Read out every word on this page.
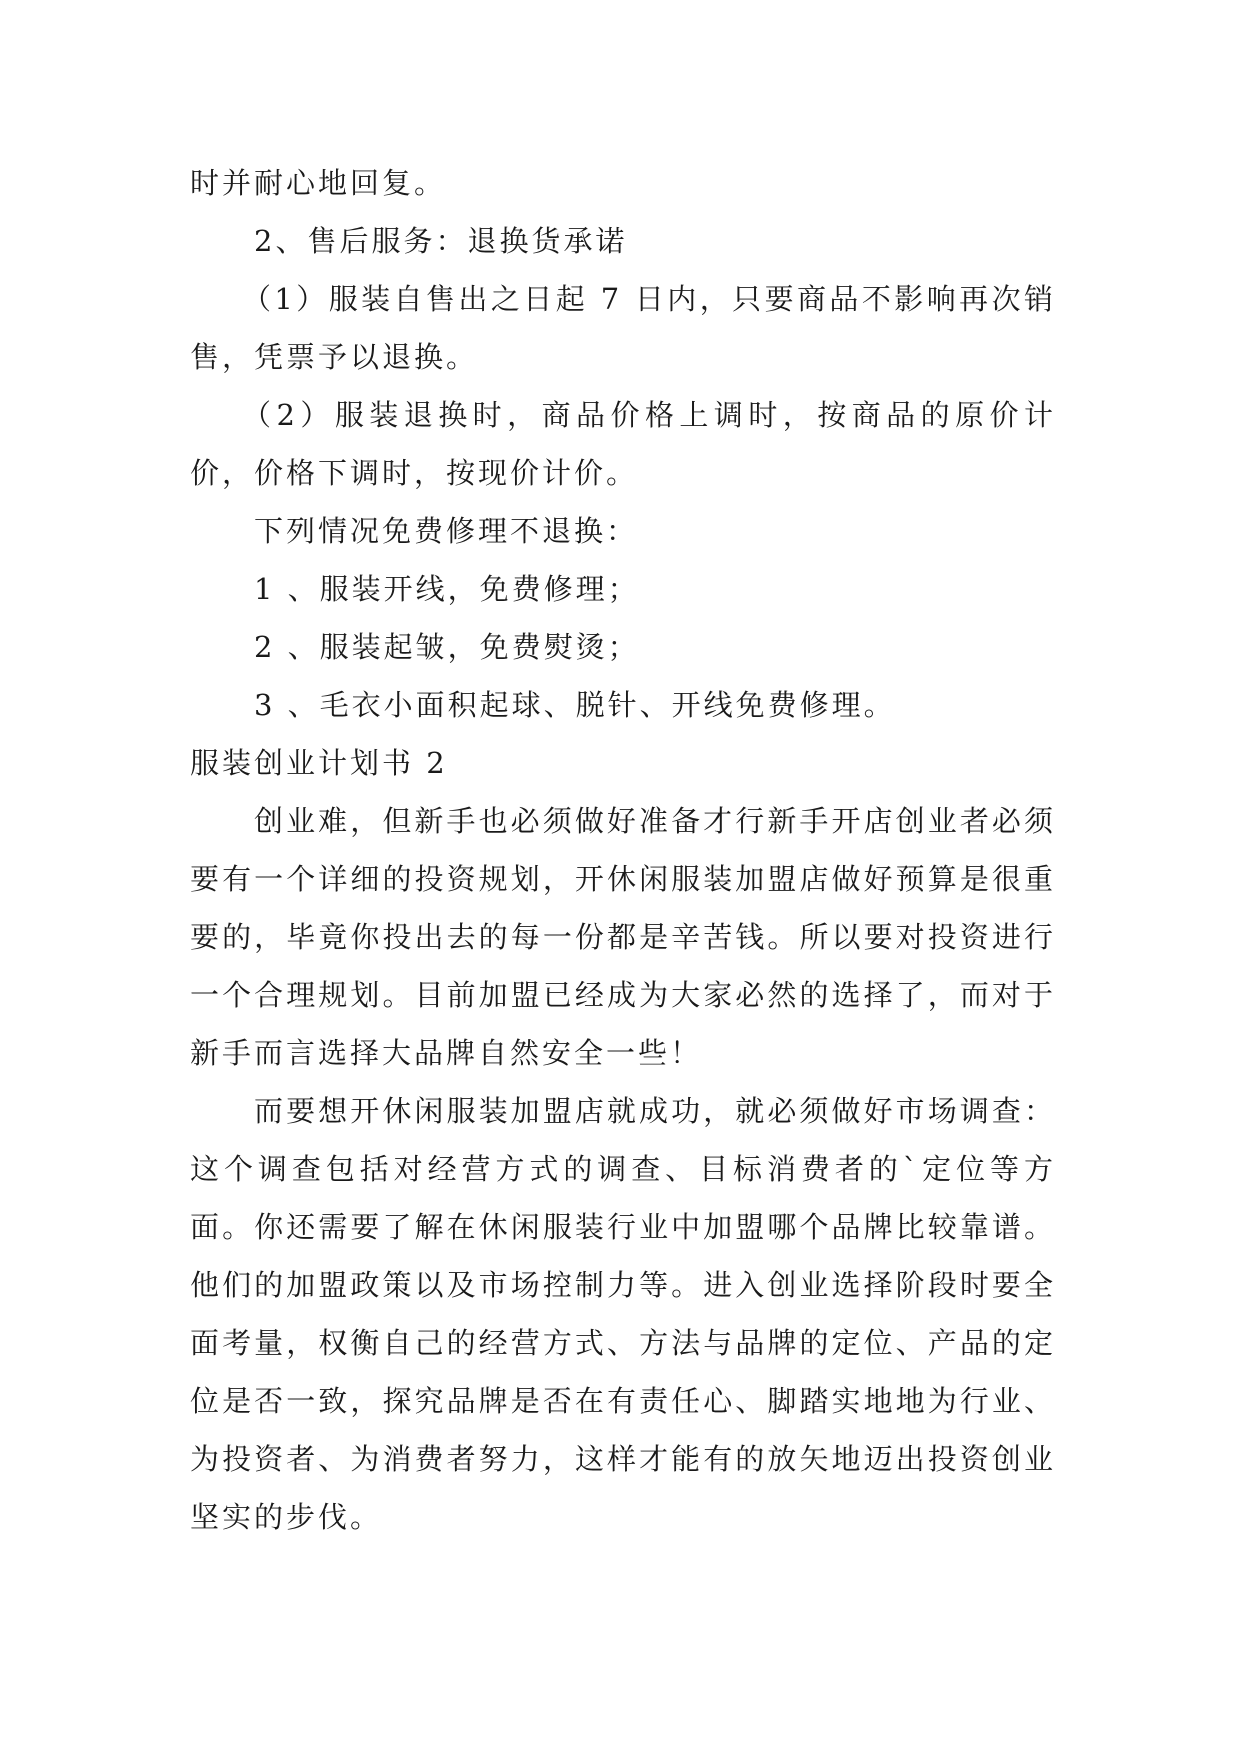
时并耐心地回复。

2、售后服务：退换货承诺

（1）服装自售出之日起 7 日内，只要商品不影响再次销售，凭票予以退换。

（2）服装退换时，商品价格上调时，按商品的原价计价，价格下调时，按现价计价。

下列情况免费修理不退换：

1 、服装开线，免费修理；

2 、服装起皱，免费熨烫；

3 、毛衣小面积起球、脱针、开线免费修理。

服装创业计划书 2

创业难，但新手也必须做好准备才行新手开店创业者必须要有一个详细的投资规划，开休闲服装加盟店做好预算是很重要的，毕竟你投出去的每一份都是辛苦钱。所以要对投资进行一个合理规划。目前加盟已经成为大家必然的选择了，而对于新手而言选择大品牌自然安全一些！

而要想开休闲服装加盟店就成功，就必须做好市场调查：这个调查包括对经营方式的调查、目标消费者的`定位等方面。你还需要了解在休闲服装行业中加盟哪个品牌比较靠谱。他们的加盟政策以及市场控制力等。进入创业选择阶段时要全面考量，权衡自己的经营方式、方法与品牌的定位、产品的定位是否一致，探究品牌是否在有责任心、脚踏实地地为行业、为投资者、为消费者努力，这样才能有的放矢地迈出投资创业坚实的步伐。
